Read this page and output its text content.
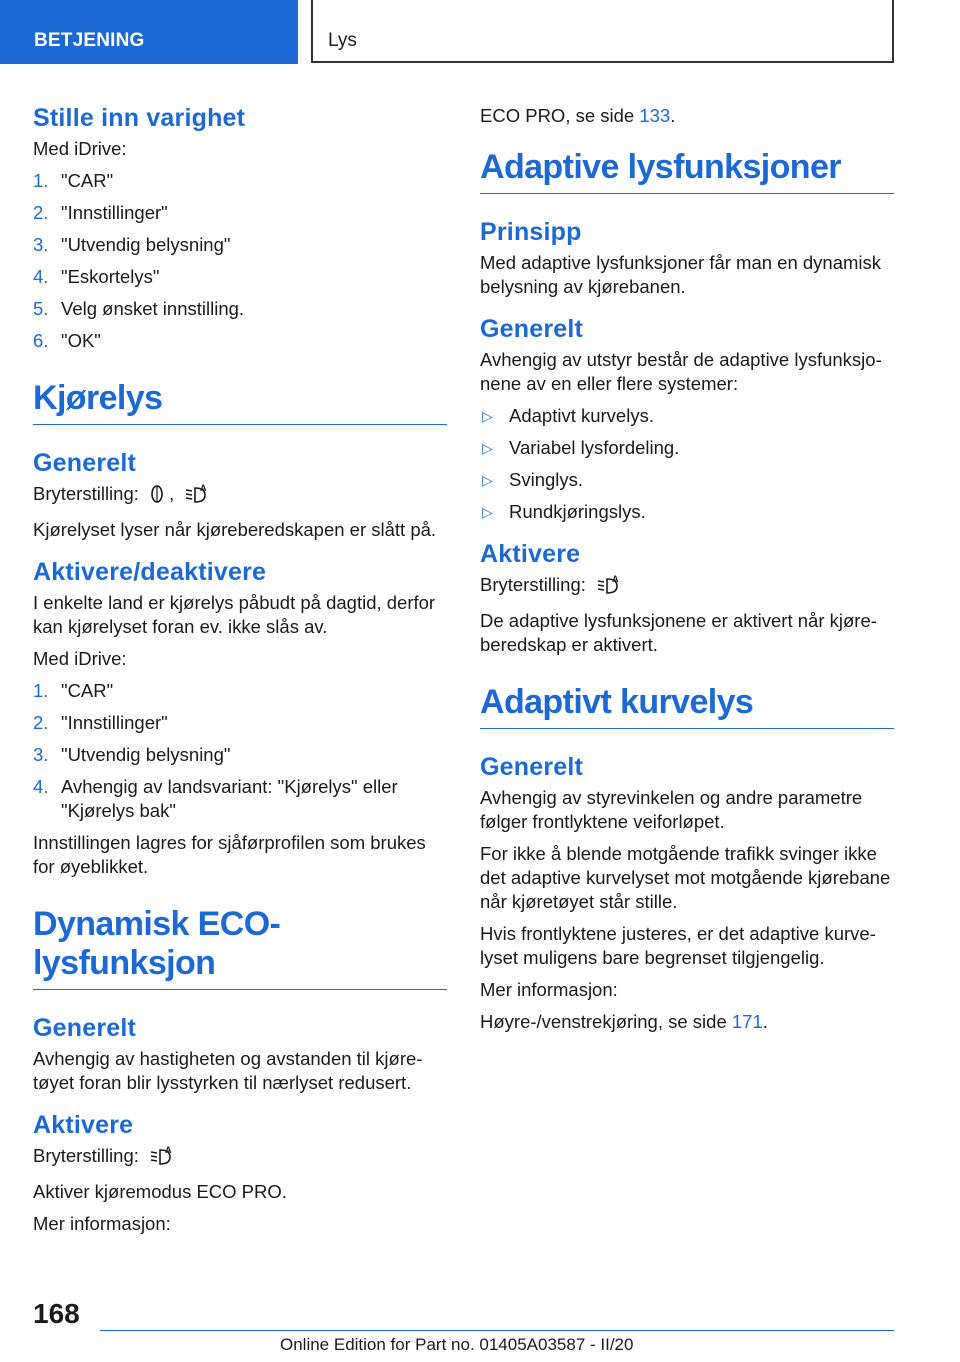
BETJENING	Lys
Stille inn varighet

Med iDrive:

1. "CAR"
2. "Innstillinger"
3. "Utvendig belysning"
4. "Eskortelys"
5. Velg ønsket innstilling.
6. "OK"
Kjørelys
Generelt

Bryterstilling: ,	A

Kjørelyset lyser når kjøreberedskapen er slått på.

Aktivere/deaktivere

I enkelte land er kjørelys påbudt på dagtid, derfor kan kjørelyset foran ev. ikke slås av.

Med iDrive:

1. "CAR"
2. "Innstillinger"
3. "Utvendig belysning"
4. Avhengig av landsvariant: "Kjørelys" eller "Kjørelys bak"

Innstillingen lagres for sjåførprofilen som brukes for øyeblikket.

Dynamisk ECO-lysfunksjon
Generelt

Avhengig av hastigheten og avstanden til kjøretøyet foran blir lysstyrken til nærlyset redusert.

Aktivere

Bryterstilling:	A

Aktiver kjøremodus ECO PRO.

Mer informasjon:

ECO PRO, se side 133.

Adaptive lysfunksjoner
Prinsipp

Med adaptive lysfunksjoner får man en dynamisk belysning av kjørebanen.

Generelt

Avhengig av utstyr består de adaptive lysfunksjonene av en eller flere systemer:

▷ Adaptivt kurvelys.
▷ Variabel lysfordeling.
▷ Svinglys.
▷ Rundkjøringslys.
Aktivere

Bryterstilling:	A

De adaptive lysfunksjonene er aktivert når kjøreberedskap er aktivert.

Adaptivt kurvelys
Generelt

Avhengig av styrevinkelen og andre parametre følger frontlyktene veiforløpet.

For ikke å blende motgående trafikk svinger ikke det adaptive kurvelyset mot motgående kjørebane når kjøretøyet står stille.

Hvis frontlyktene justeres, er det adaptive kurvelyset muligens bare begrenset tilgjengelig.

Mer informasjon:

Høyre-/venstrekjøring, se side 171.

168
Online Edition for Part no. 01405A03587 - II/20
